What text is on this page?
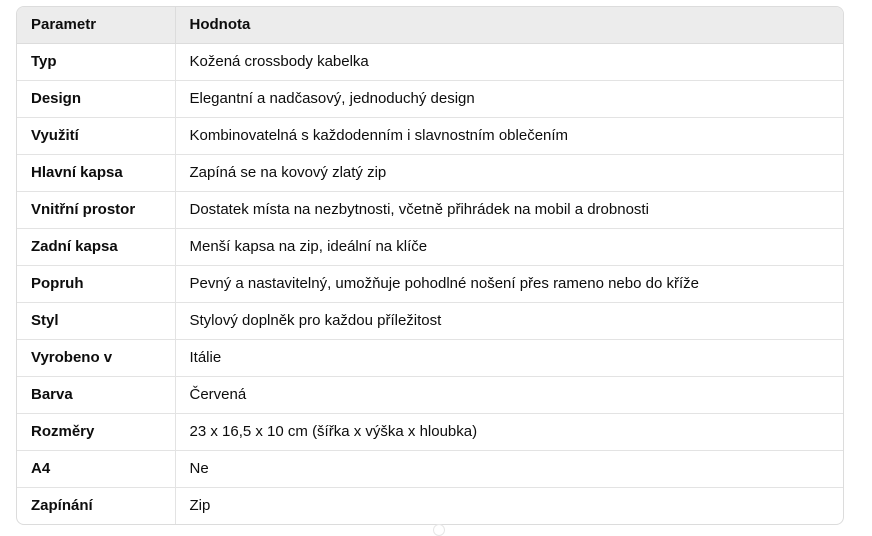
Parametr	Hodnota
Typ	Kožená crossbody kabelka
Design	Elegantní a nadčasový, jednoduchý design
Využití	Kombinovatelná s každodenním i slavnostním oblečením
Hlavní kapsa	Zapíná se na kovový zlatý zip
Vnitřní prostor	Dostatek místa na nezbytnosti, včetně přihrádek na mobil a drobnosti
Zadní kapsa	Menší kapsa na zip, ideální na klíče
Popruh	Pevný a nastavitelný, umožňuje pohodlné nošení přes rameno nebo do kříže
Styl	Stylový doplněk pro každou příležitost
Vyrobeno v	Itálie
Barva	Červená
Rozměry	23 x 16,5 x 10 cm (šířka x výška x hloubka)
A4	Ne
Zapínání	Zip
